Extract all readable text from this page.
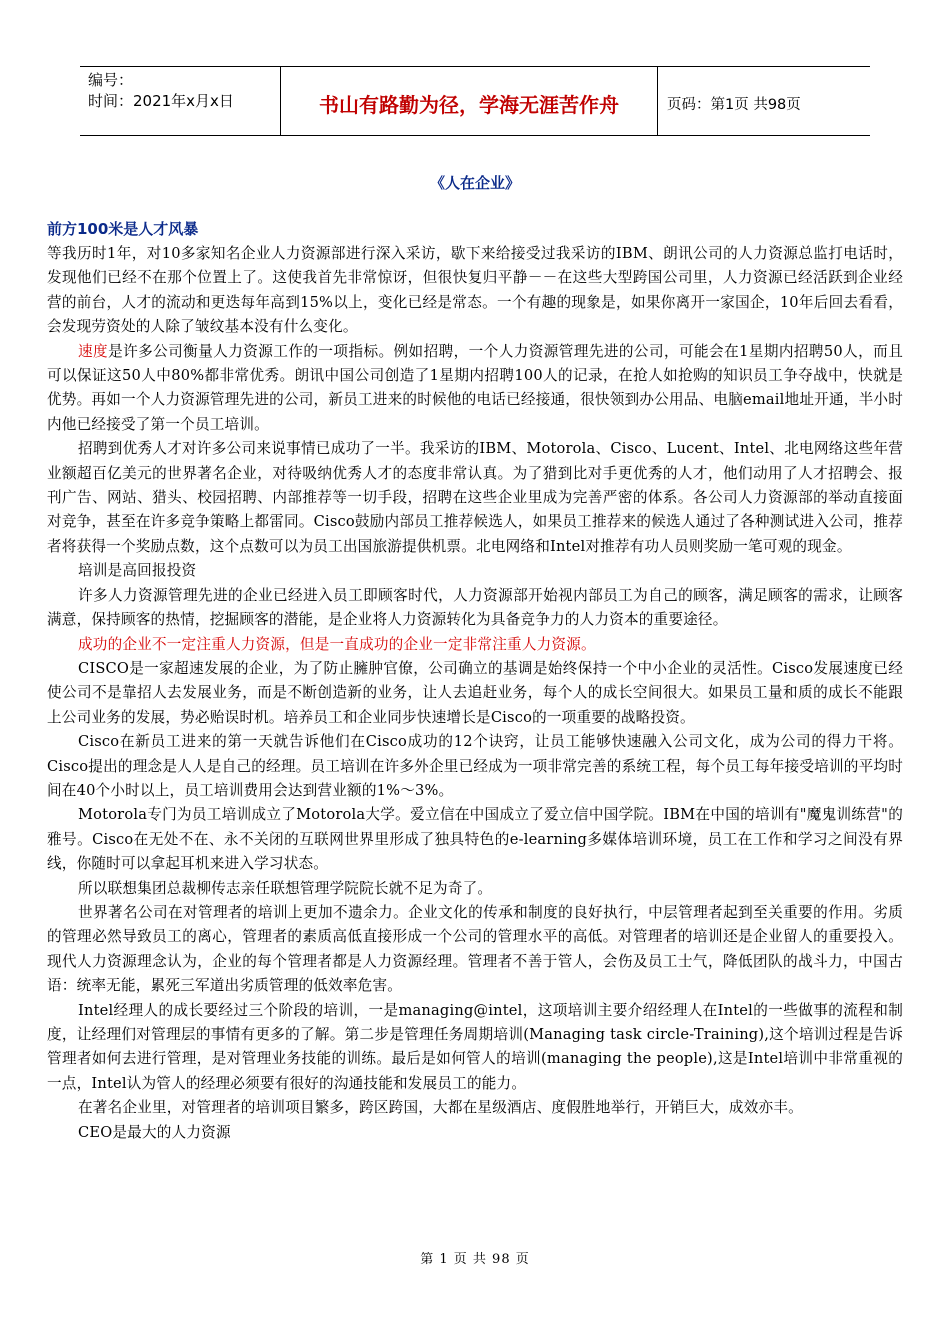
编号：
时间：2021年x月x日	书山有路勤为径，学海无涯苦作舟	页码：第1页 共98页
《人在企业》
前方100米是人才风暴

等我历时1年，对10多家知名企业人力资源部进行深入采访，歇下来给接受过我采访的IBM、朗讯公司的人力资源总监打电话时，发现他们已经不在那个位置上了。这使我首先非常惊讶，但很快复归平静－－在这些大型跨国公司里，人力资源已经活跃到企业经营的前台，人才的流动和更迭每年高到15%以上，变化已经是常态。一个有趣的现象是，如果你离开一家国企，10年后回去看看，会发现劳资处的人除了皱纹基本没有什么变化。

速度是许多公司衡量人力资源工作的一项指标。例如招聘，一个人力资源管理先进的公司，可能会在1星期内招聘50人，而且可以保证这50人中80%都非常优秀。朗讯中国公司创造了1星期内招聘100人的记录，在抢人如抢购的知识员工争夺战中，快就是优势。再如一个人力资源管理先进的公司，新员工进来的时候他的电话已经接通，很快领到办公用品、电脑email地址开通，半小时内他已经接受了第一个员工培训。

招聘到优秀人才对许多公司来说事情已成功了一半。我采访的IBM、Motorola、Cisco、Lucent、Intel、北电网络这些年营业额超百亿美元的世界著名企业，对待吸纳优秀人才的态度非常认真。为了猎到比对手更优秀的人才，他们动用了人才招聘会、报刊广告、网站、猎头、校园招聘、内部推荐等一切手段，招聘在这些企业里成为完善严密的体系。各公司人力资源部的举动直接面对竞争，甚至在许多竞争策略上都雷同。Cisco鼓励内部员工推荐候选人，如果员工推荐来的候选人通过了各种测试进入公司，推荐者将获得一个奖励点数，这个点数可以为员工出国旅游提供机票。北电网络和Intel对推荐有功人员则奖励一笔可观的现金。

培训是高回报投资

许多人力资源管理先进的企业已经进入员工即顾客时代，人力资源部开始视内部员工为自己的顾客，满足顾客的需求，让顾客满意，保持顾客的热情，挖掘顾客的潜能，是企业将人力资源转化为具备竞争力的人力资本的重要途径。

成功的企业不一定注重人力资源，但是一直成功的企业一定非常注重人力资源。

CISCO是一家超速发展的企业，为了防止臃肿官僚，公司确立的基调是始终保持一个中小企业的灵活性。Cisco发展速度已经使公司不是靠招人去发展业务，而是不断创造新的业务，让人去追赶业务，每个人的成长空间很大。如果员工量和质的成长不能跟上公司业务的发展，势必贻误时机。培养员工和企业同步快速增长是Cisco的一项重要的战略投资。

Cisco在新员工进来的第一天就告诉他们在Cisco成功的12个诀窍，让员工能够快速融入公司文化，成为公司的得力干将。Cisco提出的理念是人人是自己的经理。员工培训在许多外企里已经成为一项非常完善的系统工程，每个员工每年接受培训的平均时间在40个小时以上，员工培训费用会达到营业额的1%～3%。

Motorola专门为员工培训成立了Motorola大学。爱立信在中国成立了爱立信中国学院。IBM在中国的培训有"魔鬼训练营"的雅号。Cisco在无处不在、永不关闭的互联网世界里形成了独具特色的e-learning多媒体培训环境，员工在工作和学习之间没有界线，你随时可以拿起耳机来进入学习状态。

所以联想集团总裁柳传志亲任联想管理学院院长就不足为奇了。

世界著名公司在对管理者的培训上更加不遗余力。企业文化的传承和制度的良好执行，中层管理者起到至关重要的作用。劣质的管理必然导致员工的离心，管理者的素质高低直接形成一个公司的管理水平的高低。对管理者的培训还是企业留人的重要投入。现代人力资源理念认为，企业的每个管理者都是人力资源经理。管理者不善于管人，会伤及员工士气，降低团队的战斗力，中国古语：统率无能，累死三军道出劣质管理的低效率危害。

Intel经理人的成长要经过三个阶段的培训，一是managing@intel，这项培训主要介绍经理人在Intel的一些做事的流程和制度，让经理们对管理层的事情有更多的了解。第二步是管理任务周期培训(Managing task circle-Training),这个培训过程是告诉管理者如何去进行管理，是对管理业务技能的训练。最后是如何管人的培训(managing the people),这是Intel培训中非常重视的一点，Intel认为管人的经理必须要有很好的沟通技能和发展员工的能力。

在著名企业里，对管理者的培训项目繁多，跨区跨国，大都在星级酒店、度假胜地举行，开销巨大，成效亦丰。

CEO是最大的人力资源

第 1 页 共 98 页
